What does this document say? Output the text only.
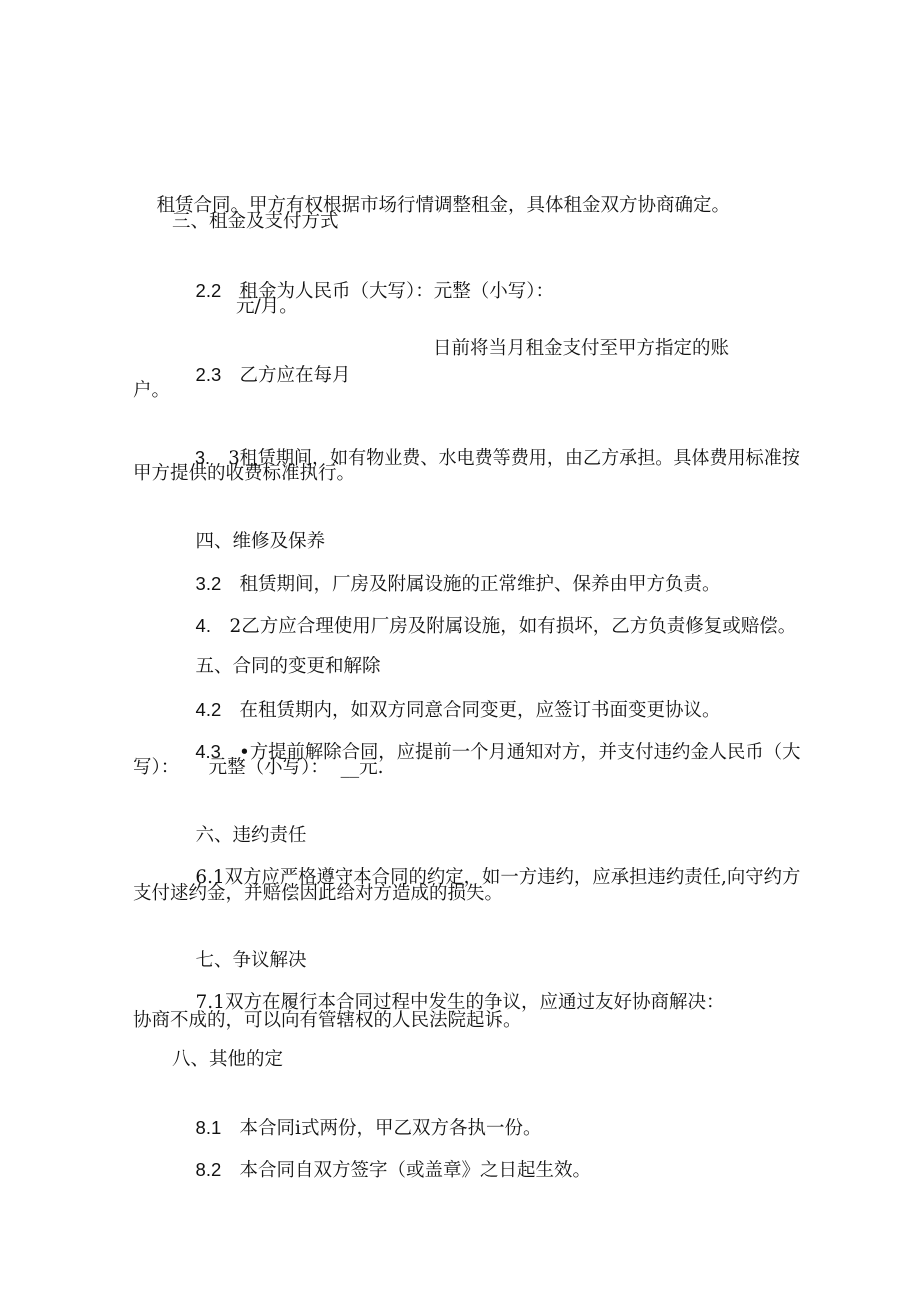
租赁合同。甲方有权根据市场行情调整租金，具体租金双方协商确定。

三、租金及支付方式

2.2 租金为人民币（大写）：元整（小写）：

元/月。

2.3 乙方应在每月

日前将当月租金支付至甲方指定的账
户。

3. 3租赁期间，如有物业费、水电费等费用，由乙方承担。具体费用标准按

甲方提供的收费标准执行。

四、维修及保养

3.2 租赁期间，厂房及附属设施的正常维护、保养由甲方负责。

4. 2乙方应合理使用厂房及附属设施，如有损坏，乙方负责修复或赔偿。

五、合同的变更和解除

4.2 在租赁期内，如双方同意合同变更，应签订书面变更协议。

4.3 •方提前解除合同，应提前一个月通知对方，并支付违约金人民币（大

写）：     元整（小写）：  __元.

六、违约责任

6.1双方应严格遵守本合同的约定，如一方违约，应承担违约责任,向守约方

支付逑约金，并赔偿因此给对方造成的损失。

七、争议解决

7.1双方在履行本合同过程中发生的争议，应通过友好协商解决：

协商不成的，可以向有管辖权的人民法院起诉。
八、其他的定

8.1 本合同i式两份，甲乙双方各执一份。

8.2 本合同自双方签字（或盖章》之日起生效。
